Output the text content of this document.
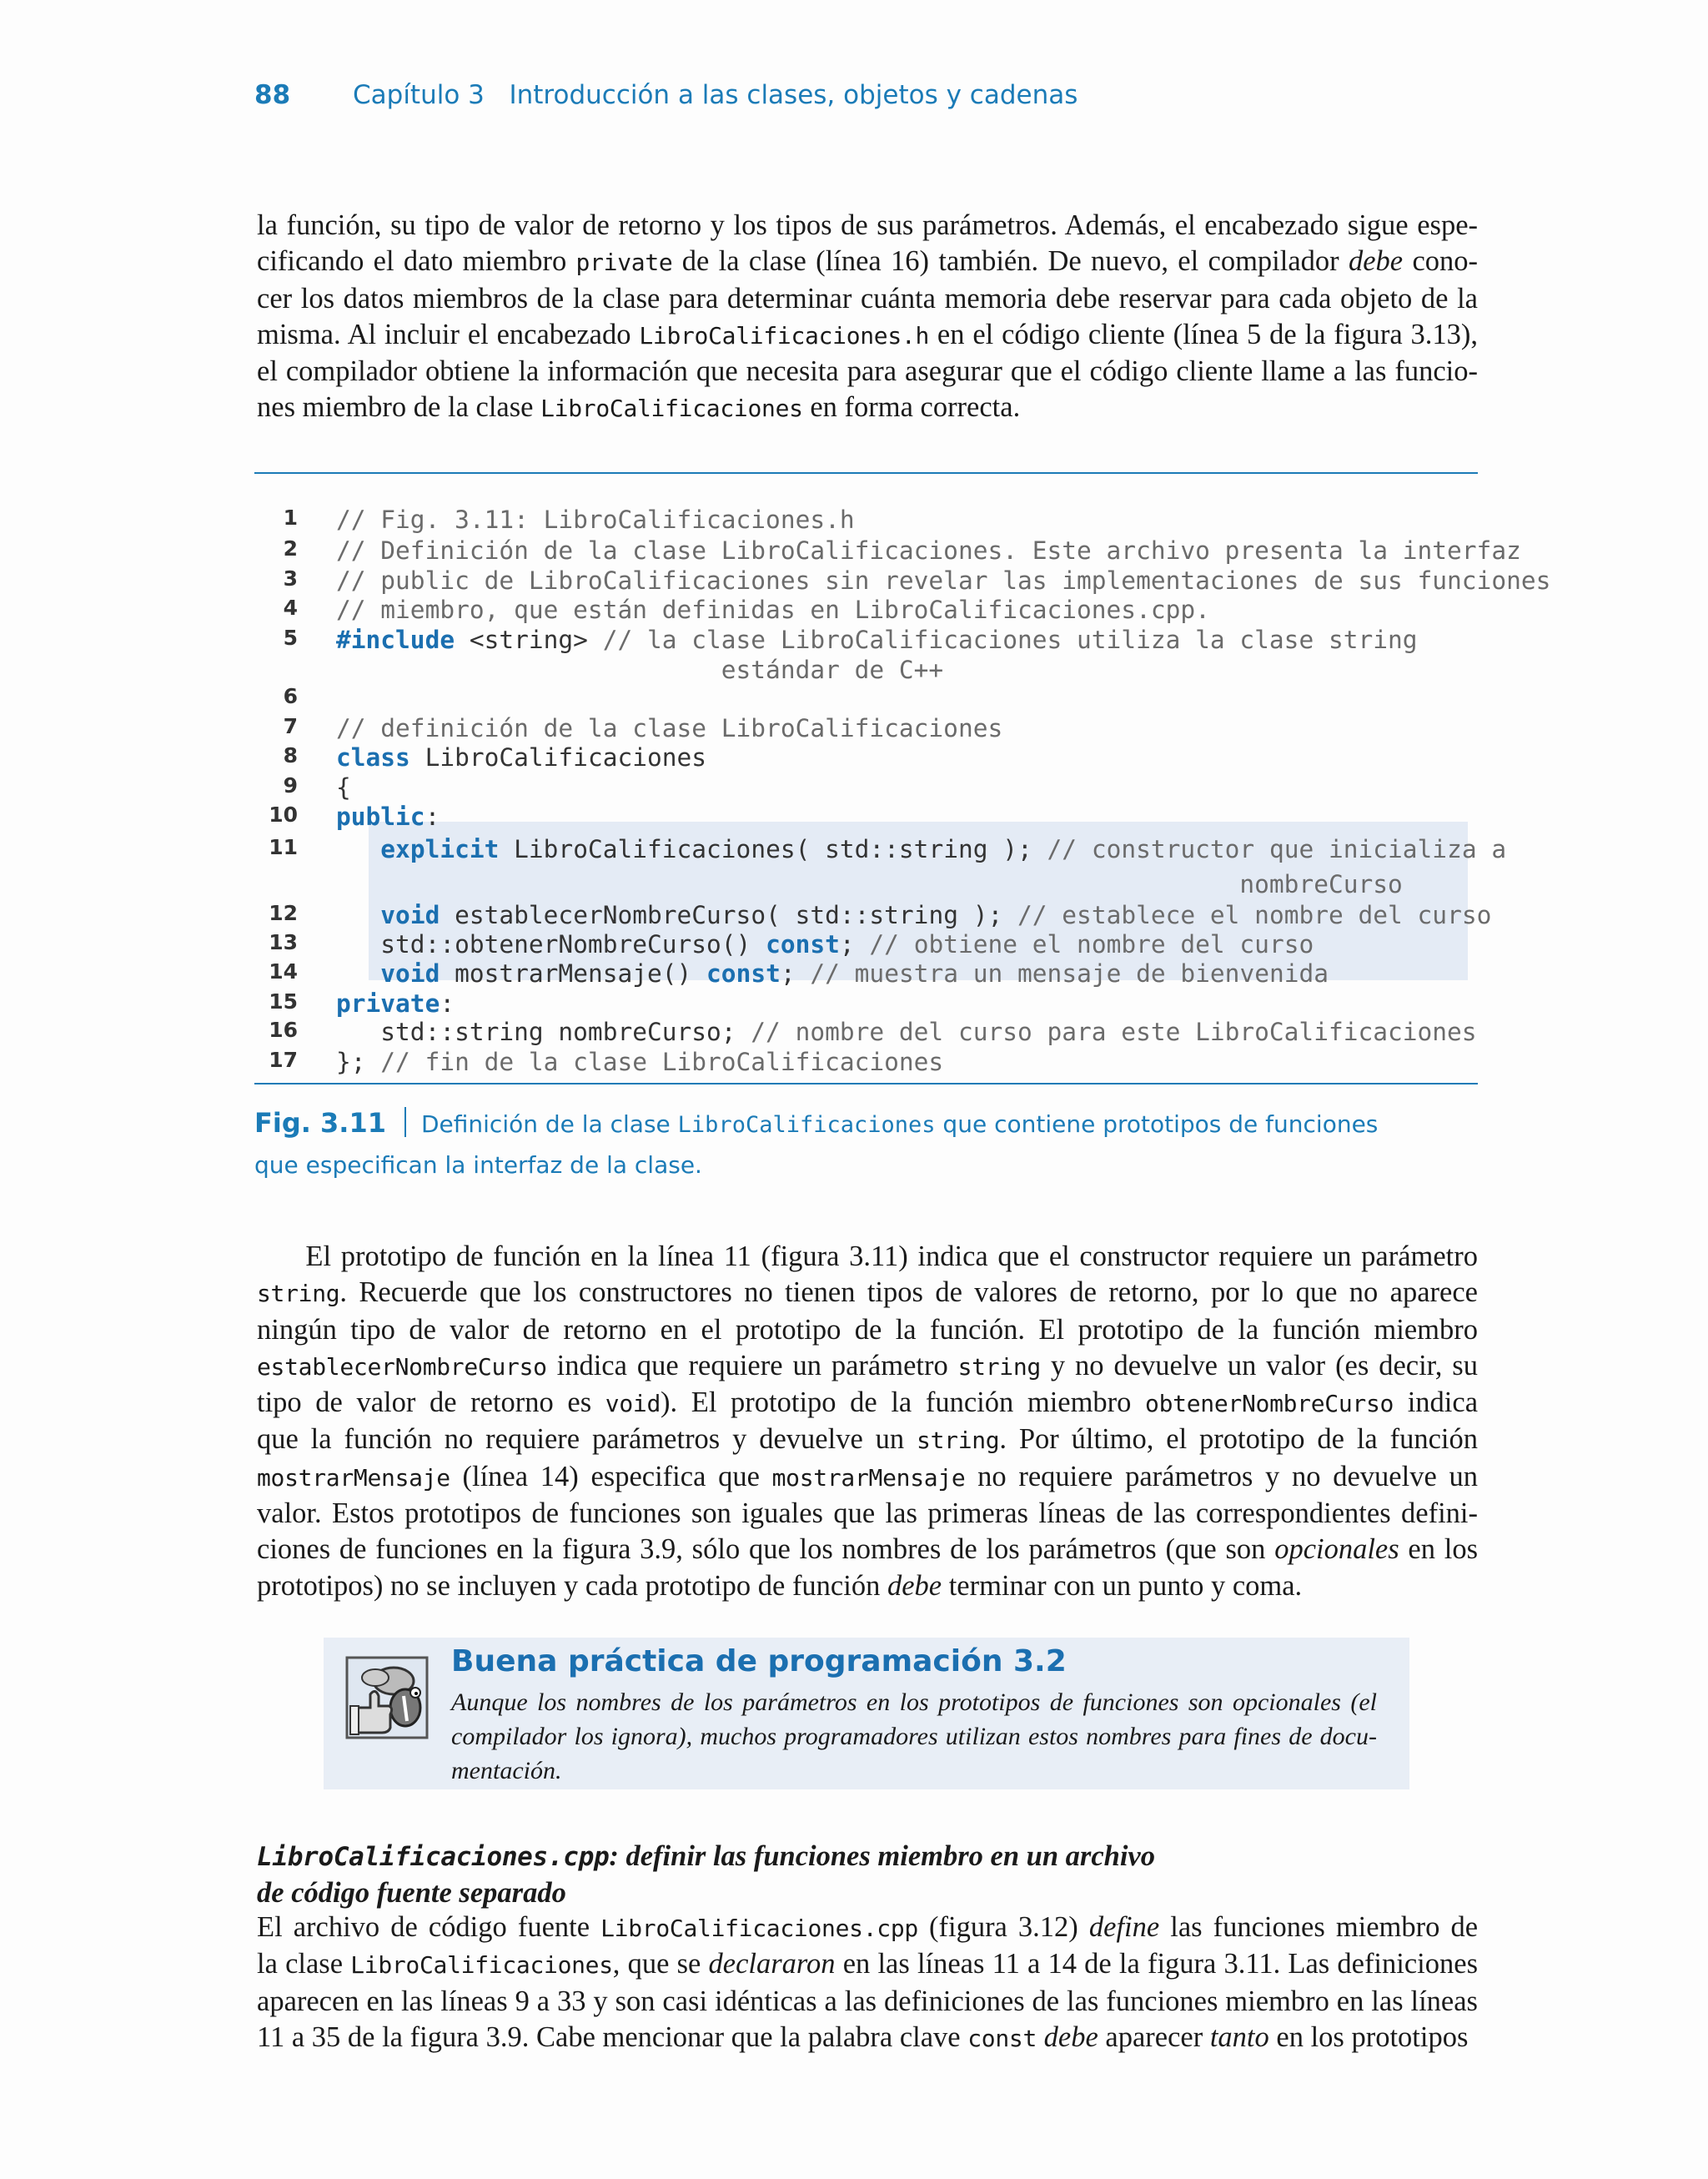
88 Capítulo 3 Introducción a las clases, objetos y cadenas
la función, su tipo de valor de retorno y los tipos de sus parámetros. Además, el encabezado sigue espe-
cificando el dato miembro private de la clase (línea 16) también. De nuevo, el compilador debe cono-
cer los datos miembros de la clase para determinar cuánta memoria debe reservar para cada objeto de la
misma. Al incluir el encabezado LibroCalificaciones.h en el código cliente (línea 5 de la figura 3.13),
el compilador obtiene la información que necesita para asegurar que el código cliente llame a las funcio-
nes miembro de la clase LibroCalificaciones en forma correcta.
1 // Fig. 3.11: LibroCalificaciones.h
2 // Definición de la clase LibroCalificaciones. Este archivo presenta la interfaz
3 // public de LibroCalificaciones sin revelar las implementaciones de sus funciones
4 // miembro, que están definidas en LibroCalificaciones.cpp.
5 #include <string> // la clase LibroCalificaciones utiliza la clase string
estándar de C++
6
7 // definición de la clase LibroCalificaciones
8 class LibroCalificaciones
9 {
10 public:
11	explicit LibroCalificaciones( std::string ); // constructor que inicializa a
nombreCurso
12	void establecerNombreCurso( std::string ); // establece el nombre del curso
13 std::obtenerNombreCurso() const; // obtiene el nombre del curso
14	void mostrarMensaje() const; // muestra un mensaje de bienvenida
15 private:
16 std::string nombreCurso; // nombre del curso para este LibroCalificaciones
17 }; // fin de la clase LibroCalificaciones
Fig. 3.11 Definición de la clase LibroCalificaciones que contiene prototipos de funciones
que especifican la interfaz de la clase.
El prototipo de función en la línea 11 (figura 3.11) indica que el constructor requiere un parámetro
string. Recuerde que los constructores no tienen tipos de valores de retorno, por lo que no aparece
ningún tipo de valor de retorno en el prototipo de la función. El prototipo de la función miembro
establecerNombreCurso indica que requiere un parámetro string y no devuelve un valor (es decir, su
tipo de valor de retorno es void). El prototipo de la función miembro obtenerNombreCurso indica
que la función no requiere parámetros y devuelve un string. Por último, el prototipo de la función
mostrarMensaje (línea 14) especifica que mostrarMensaje no requiere parámetros y no devuelve un
valor. Estos prototipos de funciones son iguales que las primeras líneas de las correspondientes defini-
ciones de funciones en la figura 3.9, sólo que los nombres de los parámetros (que son opcionales en los
prototipos) no se incluyen y cada prototipo de función debe terminar con un punto y coma.
Buena práctica de programación 3.2
Aunque los nombres de los parámetros en los prototipos de funciones son opcionales (el
compilador los ignora), muchos programadores utilizan estos nombres para fines de docu-
mentación.
LibroCalificaciones.cpp: definir las funciones miembro en un archivo
de código fuente separado
El archivo de código fuente LibroCalificaciones.cpp (figura 3.12) define las funciones miembro de
la clase LibroCalificaciones, que se declararon en las líneas 11 a 14 de la figura 3.11. Las definiciones
aparecen en las líneas 9 a 33 y son casi idénticas a las definiciones de las funciones miembro en las líneas
11 a 35 de la figura 3.9. Cabe mencionar que la palabra clave const debe aparecer tanto en los prototipos
